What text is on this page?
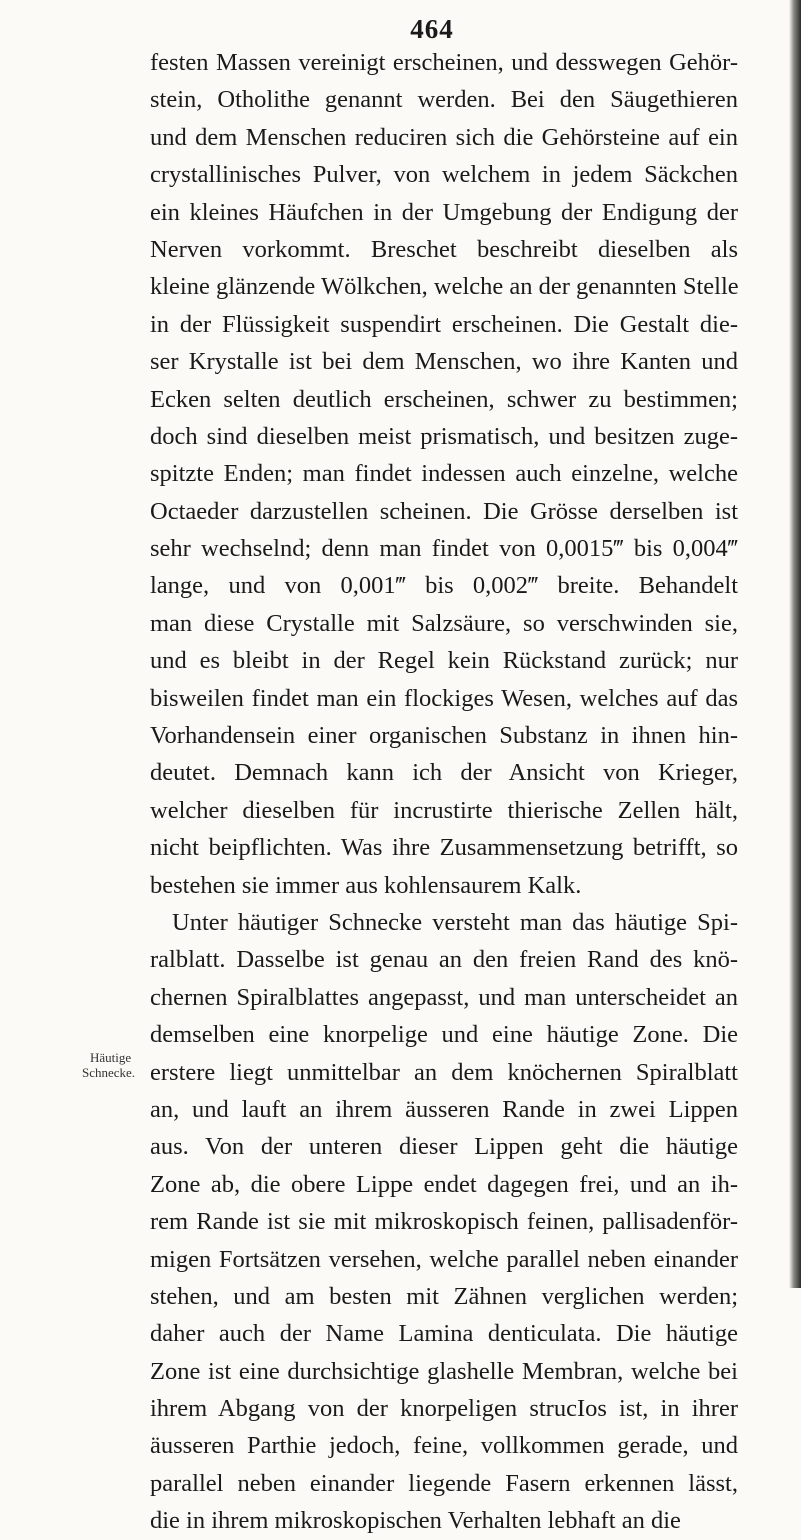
464
Häutige
Schnecke.
festen Massen vereinigt erscheinen, und desswegen Gehör-
stein, Otholithe genannt werden. Bei den Säugethieren
und dem Menschen reduciren sich die Gehörsteine auf ein
crystallinisches Pulver, von welchem in jedem Säckchen
ein kleines Häufchen in der Umgebung der Endigung der
Nerven vorkommt. Breschet beschreibt dieselben als
kleine glänzende Wölkchen, welche an der genannten Stelle
in der Flüssigkeit suspendirt erscheinen. Die Gestalt die-
ser Krystalle ist bei dem Menschen, wo ihre Kanten und
Ecken selten deutlich erscheinen, schwer zu bestimmen;
doch sind dieselben meist prismatisch, und besitzen zuge-
spitzte Enden; man findet indessen auch einzelne, welche
Octaeder darzustellen scheinen. Die Grösse derselben ist
sehr wechselnd; denn man findet von 0,0015‴ bis 0,004‴
lange, und von 0,001‴ bis 0,002‴ breite. Behandelt
man diese Crystalle mit Salzsäure, so verschwinden sie,
und es bleibt in der Regel kein Rückstand zurück; nur
bisweilen findet man ein flockiges Wesen, welches auf das
Vorhandensein einer organischen Substanz in ihnen hin-
deutet. Demnach kann ich der Ansicht von Krieger,
welcher dieselben für incrustirte thierische Zellen hält,
nicht beipflichten. Was ihre Zusammensetzung betrifft, so
bestehen sie immer aus kohlensaurem Kalk.
Unter häutiger Schnecke versteht man das häutige Spi-
ralblatt. Dasselbe ist genau an den freien Rand des knö-
chernen Spiralblattes angepasst, und man unterscheidet an
demselben eine knorpelige und eine häutige Zone. Die
erstere liegt unmittelbar an dem knöchernen Spiralblatt
an, und lauft an ihrem äusseren Rande in zwei Lippen
aus. Von der unteren dieser Lippen geht die häutige
Zone ab, die obere Lippe endet dagegen frei, und an ih-
rem Rande ist sie mit mikroskopisch feinen, pallisadenför-
migen Fortsätzen versehen, welche parallel neben einander
stehen, und am besten mit Zähnen verglichen werden;
daher auch der Name Lamina denticulata. Die häutige
Zone ist eine durchsichtige glashelle Membran, welche bei
ihrem Abgang von der knorpeligen strucIos ist, in ihrer
äusseren Parthie jedoch, feine, vollkommen gerade, und
parallel neben einander liegende Fasern erkennen lässt,
die in ihrem mikroskopischen Verhalten lebhaft an die
